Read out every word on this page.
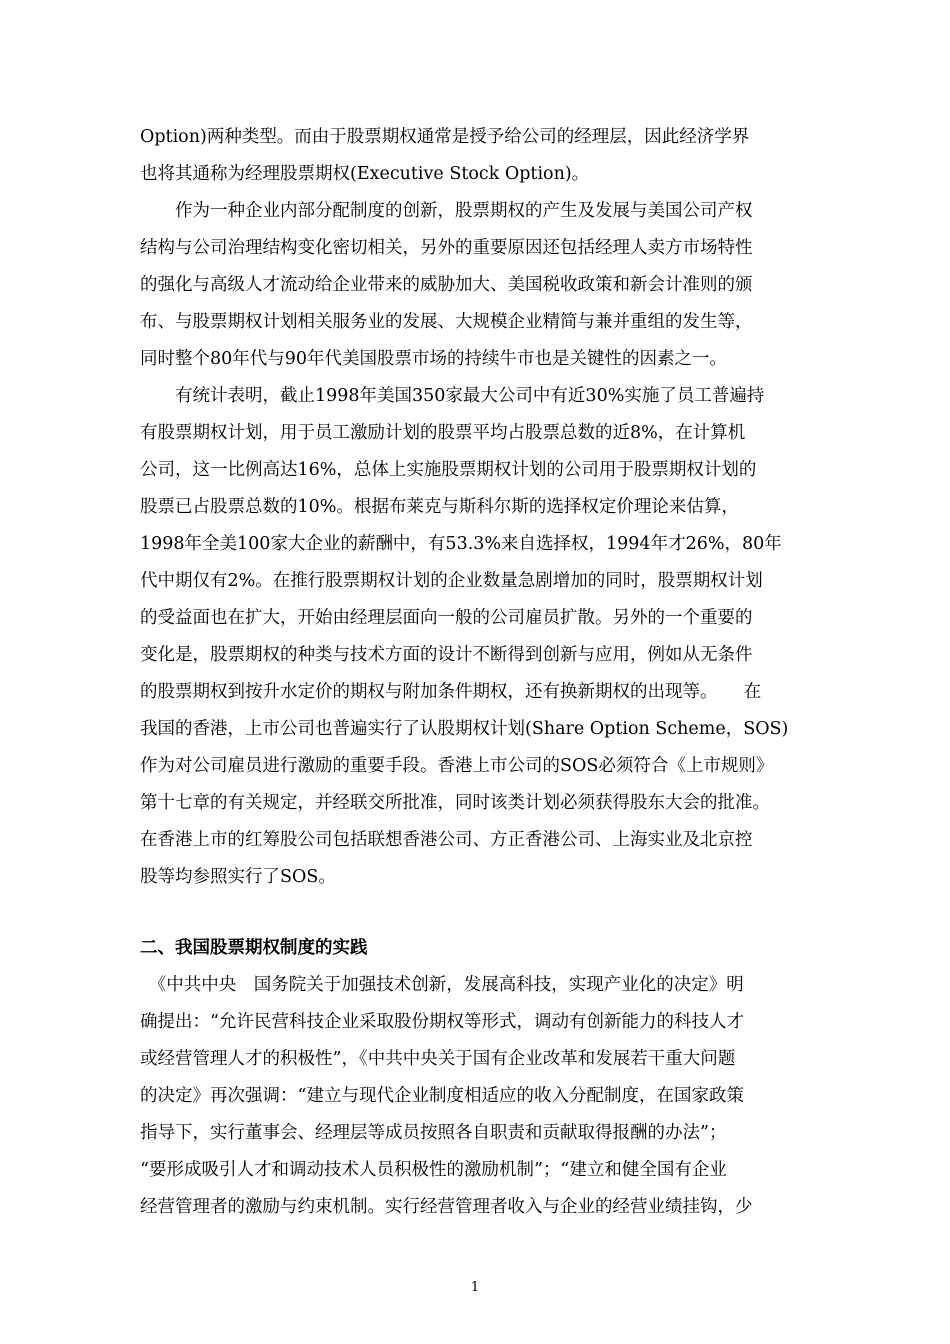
Option)两种类型。而由于股票期权通常是授予给公司的经理层，因此经济学界
也将其通称为经理股票期权(Executive Stock Option)。
　　作为一种企业内部分配制度的创新，股票期权的产生及发展与美国公司产权
结构与公司治理结构变化密切相关，另外的重要原因还包括经理人卖方市场特性
的强化与高级人才流动给企业带来的威胁加大、美国税收政策和新会计准则的颁
布、与股票期权计划相关服务业的发展、大规模企业精简与兼并重组的发生等，
同时整个80年代与90年代美国股票市场的持续牛市也是关键性的因素之一。
　　有统计表明，截止1998年美国350家最大公司中有近30%实施了员工普遍持
有股票期权计划，用于员工激励计划的股票平均占股票总数的近8%，在计算机
公司，这一比例高达16%，总体上实施股票期权计划的公司用于股票期权计划的
股票已占股票总数的10%。根据布莱克与斯科尔斯的选择权定价理论来估算，
1998年全美100家大企业的薪酬中，有53.3%来自选择权，1994年才26%，80年
代中期仅有2%。在推行股票期权计划的企业数量急剧增加的同时，股票期权计划
的受益面也在扩大，开始由经理层面向一般的公司雇员扩散。另外的一个重要的
变化是，股票期权的种类与技术方面的设计不断得到创新与应用，例如从无条件
的股票期权到按升水定价的期权与附加条件期权，还有换新期权的出现等。　　在
我国的香港，上市公司也普遍实行了认股期权计划(Share Option Scheme，SOS)
作为对公司雇员进行激励的重要手段。香港上市公司的SOS必须符合《上市规则》
第十七章的有关规定，并经联交所批准，同时该类计划必须获得股东大会的批准。
在香港上市的红筹股公司包括联想香港公司、方正香港公司、上海实业及北京控
股等均参照实行了SOS。
二、我国股票期权制度的实践
　《中共中央　国务院关于加强技术创新，发展高科技，实现产业化的决定》明
确提出：“允许民营科技企业采取股份期权等形式，调动有创新能力的科技人才
或经营管理人才的积极性”，《中共中央关于国有企业改革和发展若干重大问题
的决定》再次强调：“建立与现代企业制度相适应的收入分配制度，在国家政策
指导下，实行董事会、经理层等成员按照各自职责和贡献取得报酬的办法”；
“要形成吸引人才和调动技术人员积极性的激励机制”；“建立和健全国有企业
经营管理者的激励与约束机制。实行经营管理者收入与企业的经营业绩挂钩，少
1
